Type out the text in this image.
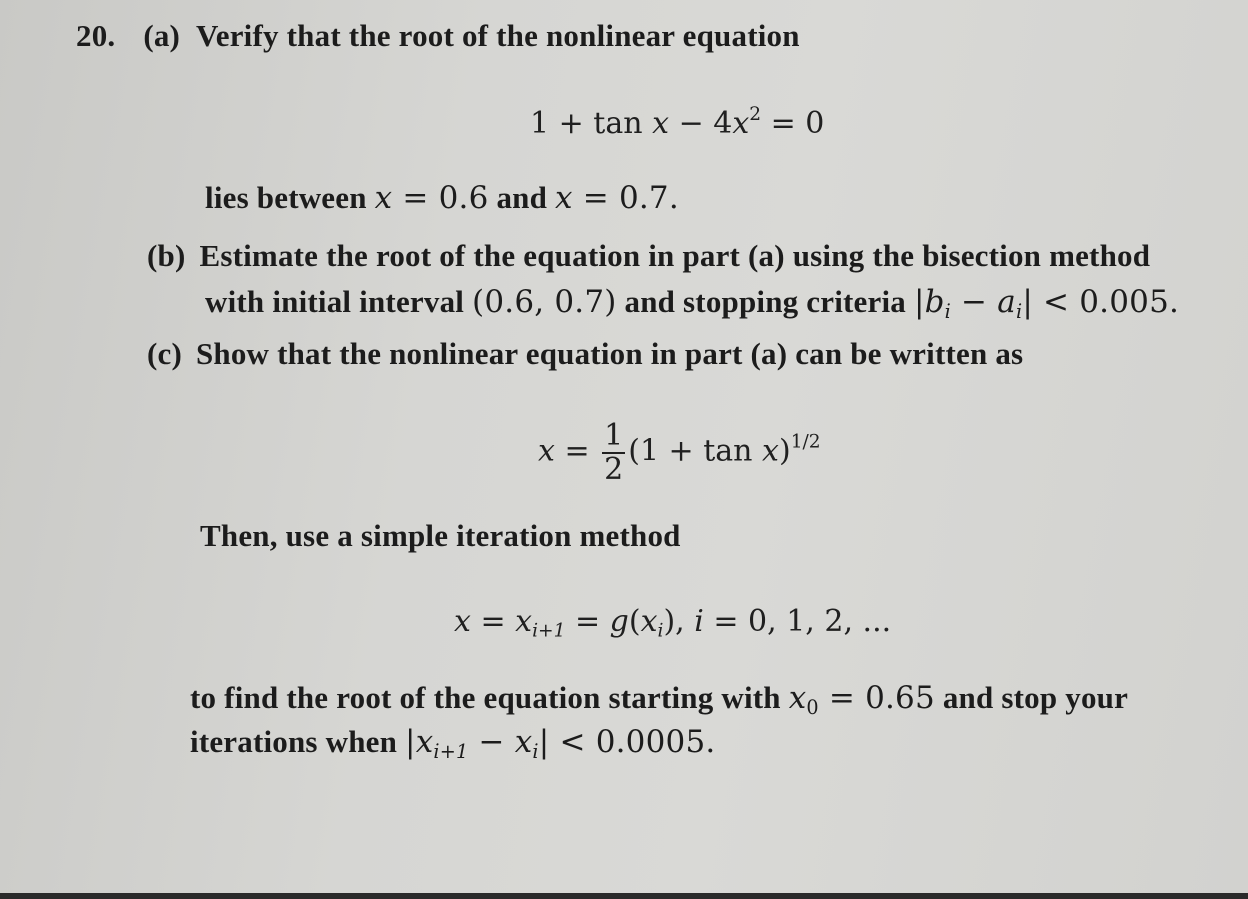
20. (a) Verify that the root of the nonlinear equation
$1 + \tan x - 4x^2 = 0$
lies between x = 0.6 and x = 0.7.
(b) Estimate the root of the equation in part (a) using the bisection method
with initial interval (0.6, 0.7) and stopping criteria $|b_i - a_i| < 0.005$.
(c) Show that the nonlinear equation in part (a) can be written as
$x = \frac{1}{2} (1 + \tan x)^{1/2}$
Then, use a simple iteration method
$x = x_{i+1} = g(x_i)$, i = 0, 1, 2, ...
to find the root of the equation starting with $x_0 = 0.65$ and stop your
iterations when $|x_{i+1} - x_i| < 0.0005$.
